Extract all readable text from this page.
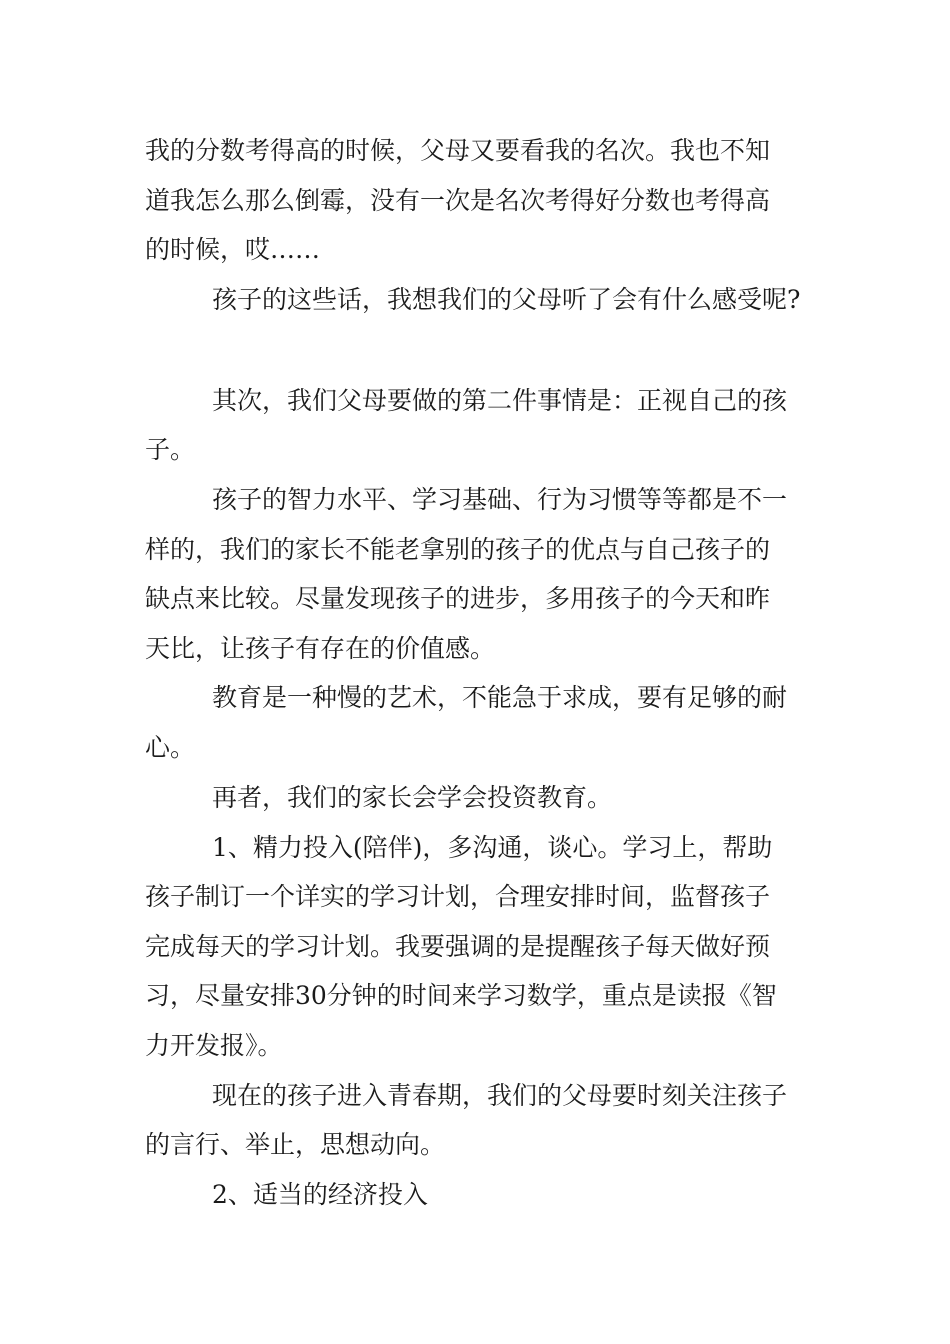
我的分数考得高的时候，父母又要看我的名次。我也不知
道我怎么那么倒霉，没有一次是名次考得好分数也考得高
的时候，哎……
孩子的这些话，我想我们的父母听了会有什么感受呢?
其次，我们父母要做的第二件事情是：正视自己的孩
子。
孩子的智力水平、学习基础、行为习惯等等都是不一
样的，我们的家长不能老拿别的孩子的优点与自己孩子的
缺点来比较。尽量发现孩子的进步，多用孩子的今天和昨
天比，让孩子有存在的价值感。
教育是一种慢的艺术，不能急于求成，要有足够的耐
心。
再者，我们的家长会学会投资教育。
1、精力投入(陪伴)，多沟通，谈心。学习上，帮助
孩子制订一个详实的学习计划，合理安排时间，监督孩子
完成每天的学习计划。我要强调的是提醒孩子每天做好预
习，尽量安排30分钟的时间来学习数学，重点是读报《智
力开发报》。
现在的孩子进入青春期，我们的父母要时刻关注孩子
的言行、举止，思想动向。
2、适当的经济投入
